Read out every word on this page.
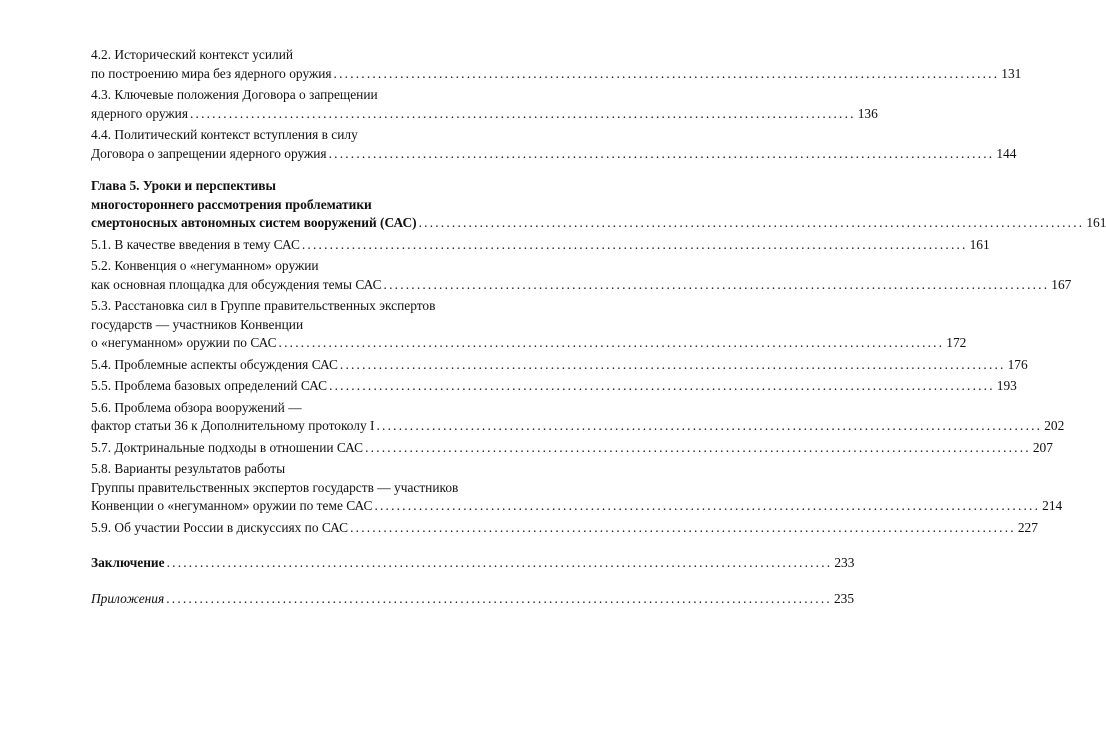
4.2. Исторический контекст усилий
по построению мира без ядерного оружия ........................................................................................................................ 131
4.3. Ключевые положения Договора о запрещении
ядерного оружия ........................................................................................................................ 136
4.4. Политический контекст вступления в силу
Договора о запрещении ядерного оружия ........................................................................................................................ 144
Глава 5. Уроки и перспективы
многостороннего рассмотрения проблематики
смертоносных автономных систем вооружений (САС) ........................................................................................................................ 161
5.1. В качестве введения в тему САС ........................................................................................................................ 161
5.2. Конвенция о «негуманном» оружии
как основная площадка для обсуждения темы САС ........................................................................................................................ 167
5.3. Расстановка сил в Группе правительственных экспертов
государств — участников Конвенции
о «негуманном» оружии по САС ........................................................................................................................ 172
5.4. Проблемные аспекты обсуждения САС ........................................................................................................................ 176
5.5. Проблема базовых определений САС ........................................................................................................................ 193
5.6. Проблема обзора вооружений —
фактор статьи 36 к Дополнительному протоколу I ........................................................................................................................ 202
5.7. Доктринальные подходы в отношении САС ........................................................................................................................ 207
5.8. Варианты результатов работы
Группы правительственных экспертов государств — участников
Конвенции о «негуманном» оружии по теме САС ........................................................................................................................ 214
5.9. Об участии России в дискуссиях по САС ........................................................................................................................ 227
Заключение ........................................................................................................................ 233
Приложения ........................................................................................................................ 235
